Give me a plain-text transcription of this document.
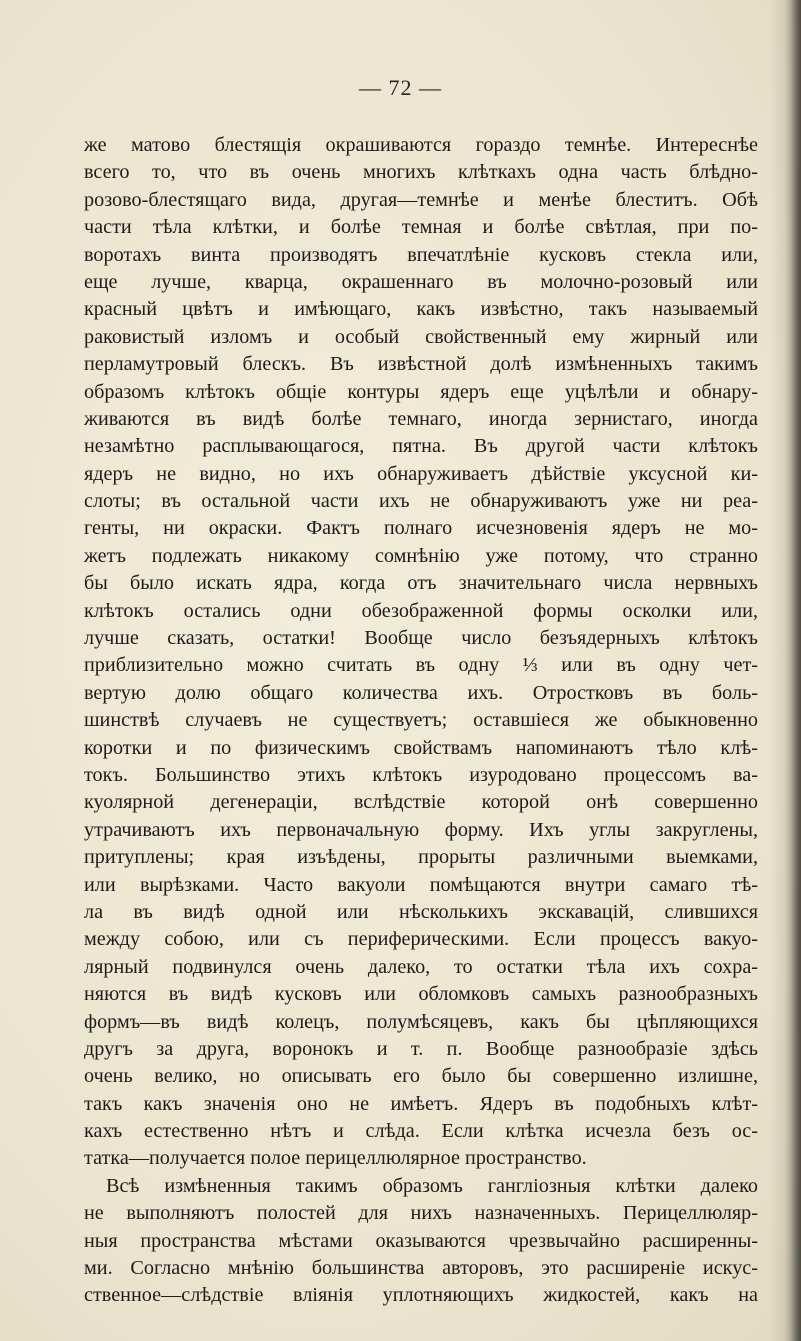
— 72 —
же матово блестящія окрашиваются гораздо темнѣе. Интереснѣе
всего то, что въ очень многихъ клѣткахъ одна часть блѣдно-
розово-блестящаго вида, другая—темнѣе и менѣе блеститъ. Обѣ
части тѣла клѣтки, и болѣе темная и болѣе свѣтлая, при по-
воротахъ винта производятъ впечатлѣніе кусковъ стекла или,
еще лучше, кварца, окрашеннаго въ молочно-розовый или
красный цвѣтъ и имѣющаго, какъ извѣстно, такъ называемый
раковистый изломъ и особый свойственный ему жирный или
перламутровый блескъ. Въ извѣстной долѣ измѣненныхъ такимъ
образомъ клѣтокъ общіе контуры ядеръ еще уцѣлѣли и обнару-
живаются въ видѣ болѣе темнаго, иногда зернистаго, иногда
незамѣтно расплывающагося, пятна. Въ другой части клѣтокъ
ядеръ не видно, но ихъ обнаруживаетъ дѣйствіе уксусной ки-
слоты; въ остальной части ихъ не обнаруживаютъ уже ни реа-
генты, ни окраски. Фактъ полнаго исчезновенія ядеръ не мо-
жетъ подлежать никакому сомнѣнію уже потому, что странно
бы было искать ядра, когда отъ значительнаго числа нервныхъ
клѣтокъ остались одни обезображенной формы осколки или,
лучше сказать, остатки! Вообще число безъядерныхъ клѣтокъ
приблизительно можно считать въ одну ⅓ или въ одну чет-
вертую долю общаго количества ихъ. Отростковъ въ боль-
шинствѣ случаевъ не существуетъ; оставшіеся же обыкновенно
коротки и по физическимъ свойствамъ напоминаютъ тѣло клѣ-
токъ. Большинство этихъ клѣтокъ изуродовано процессомъ ва-
куолярной дегенераціи, вслѣдствіе которой онѣ совершенно
утрачиваютъ ихъ первоначальную форму. Ихъ углы закруглены,
притуплены; края изъѣдены, прорыты различными выемками,
или вырѣзками. Часто вакуоли помѣщаются внутри самаго тѣ-
ла въ видѣ одной или нѣсколькихъ экскавацій, слившихся
между собою, или съ периферическими. Если процессъ вакуо-
лярный подвинулся очень далеко, то остатки тѣла ихъ сохра-
няются въ видѣ кусковъ или обломковъ самыхъ разнообразныхъ
формъ—въ видѣ колецъ, полумѣсяцевъ, какъ бы цѣпляющихся
другъ за друга, воронокъ и т. п. Вообще разнообразіе здѣсь
очень велико, но описывать его было бы совершенно излишне,
такъ какъ значенія оно не имѣетъ. Ядеръ въ подобныхъ клѣт-
кахъ естественно нѣтъ и слѣда. Если клѣтка исчезла безъ ос-
татка—получается полое перицеллюлярное пространство.
Всѣ измѣненныя такимъ образомъ гангліозныя клѣтки далеко
не выполняютъ полостей для нихъ назначенныхъ. Перицеллюляр-
ныя пространства мѣстами оказываются чрезвычайно расширенны-
ми. Согласно мнѣнію большинства авторовъ, это расширеніе искус-
ственное—слѣдствіе вліянія уплотняющихъ жидкостей, какъ на
